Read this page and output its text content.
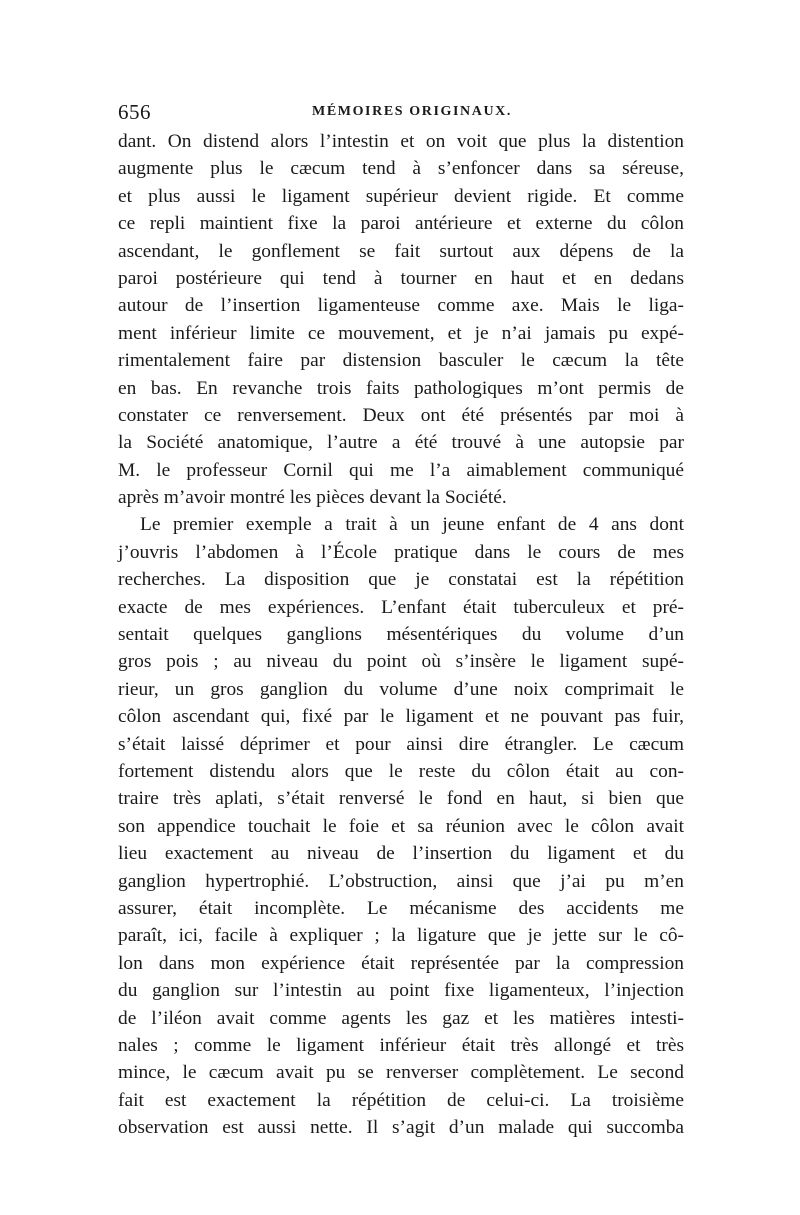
656	MÉMOIRES ORIGINAUX.
dant. On distend alors l’intestin et on voit que plus la distention
augmente plus le cæcum tend à s’enfoncer dans sa séreuse,
et plus aussi le ligament supérieur devient rigide. Et comme
ce repli maintient fixe la paroi antérieure et externe du côlon
ascendant, le gonflement se fait surtout aux dépens de la
paroi postérieure qui tend à tourner en haut et en dedans
autour de l’insertion ligamenteuse comme axe. Mais le liga-
ment inférieur limite ce mouvement, et je n’ai jamais pu expé-
rimentalement faire par distension basculer le cæcum la tête
en bas. En revanche trois faits pathologiques m’ont permis de
constater ce renversement. Deux ont été présentés par moi à
la Société anatomique, l’autre a été trouvé à une autopsie par
M. le professeur Cornil qui me l’a aimablement communiqué
après m’avoir montré les pièces devant la Société.
Le premier exemple a trait à un jeune enfant de 4 ans dont
j’ouvris l’abdomen à l’École pratique dans le cours de mes
recherches. La disposition que je constatai est la répétition
exacte de mes expériences. L’enfant était tuberculeux et pré-
sentait quelques ganglions mésentériques du volume d’un
gros pois ; au niveau du point où s’insère le ligament supé-
rieur, un gros ganglion du volume d’une noix comprimait le
côlon ascendant qui, fixé par le ligament et ne pouvant pas fuir,
s’était laissé déprimer et pour ainsi dire étrangler. Le cæcum
fortement distendu alors que le reste du côlon était au con-
traire très aplati, s’était renversé le fond en haut, si bien que
son appendice touchait le foie et sa réunion avec le côlon avait
lieu exactement au niveau de l’insertion du ligament et du
ganglion hypertrophié. L’obstruction, ainsi que j’ai pu m’en
assurer, était incomplète. Le mécanisme des accidents me
paraît, ici, facile à expliquer ; la ligature que je jette sur le cô-
lon dans mon expérience était représentée par la compression
du ganglion sur l’intestin au point fixe ligamenteux, l’injection
de l’iléon avait comme agents les gaz et les matières intesti-
nales ; comme le ligament inférieur était très allongé et très
mince, le cæcum avait pu se renverser complètement. Le second
fait est exactement la répétition de celui-ci. La troisième
observation est aussi nette. Il s’agit d’un malade qui succomba
